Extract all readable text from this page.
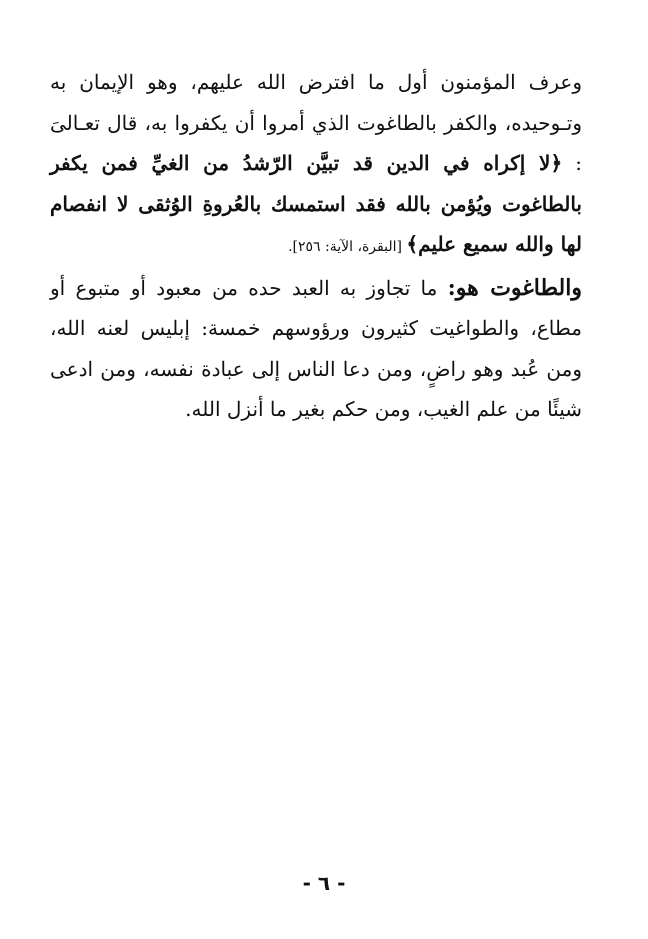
وعرف المؤمنون أول ما افترض الله عليهم، وهو الإيمان به وتـوحيده، والكفر بالطاغوت الذي أمروا أن يكفروا به، قال تعـالىَ : ﴿لا إكراه في الدين قد تبيَّن الرّشدُ من الغيِّ فمن يكفر بالطاغوت ويُؤمن بالله فقد استمسك بالعُروةِ الوُثقى لا انفصام لها والله سميع عليم﴾ [البقرة، الآية: ٢٥٦].

والطاغوت هو: ما تجاوز به العبد حده من معبود أو متبوع أو مطاع، والطواغيت كثيرون ورؤوسهم خمسة: إبليس لعنه الله، ومن عُبد وهو راضٍ، ومن دعا الناس إلى عبادة نفسه، ومن ادعى شيئًا من علم الغيب، ومن حكم بغير ما أنزل الله.

- ٦ -
